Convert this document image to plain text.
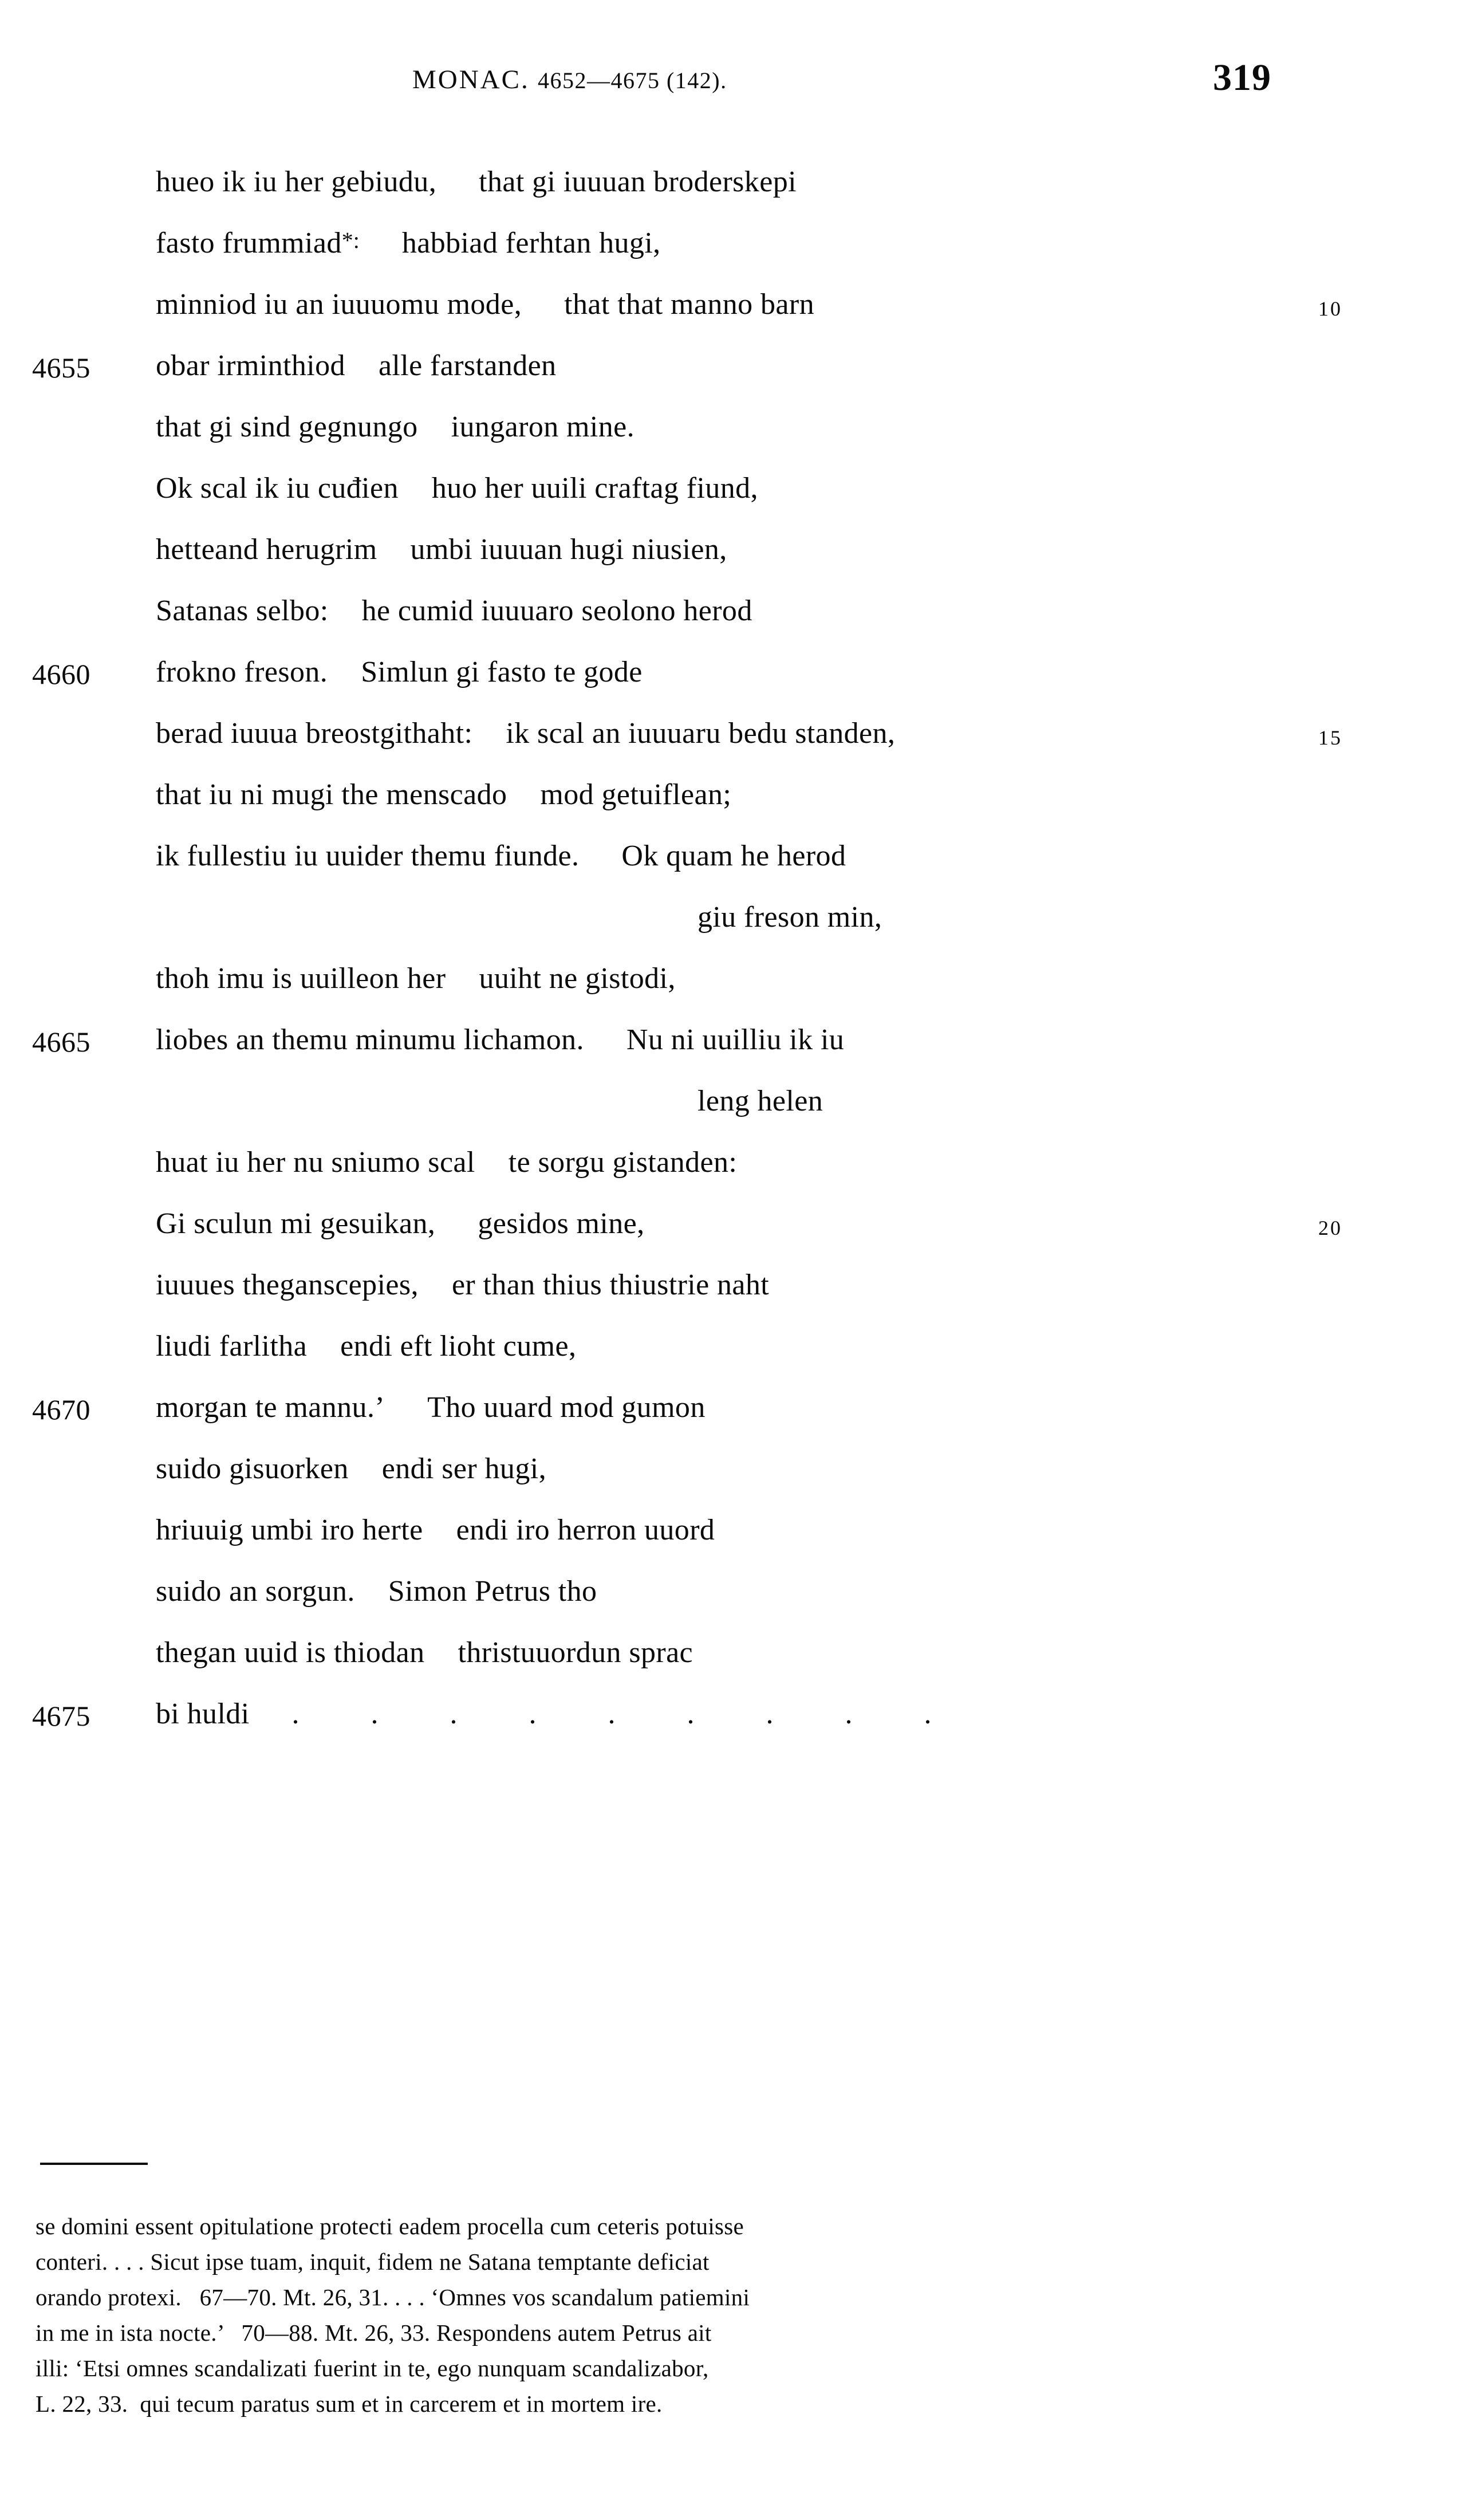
MONAC. 4652—4675 (142).	319
hueo ik iu her gebiudu, that gi iuuuan broderskepi
fasto frummiad*: habbiad ferhtan hugi,
minniod iu an iuuuomu mode, that that manno barn	10
4655	obar irminthiod alle farstanden
that gi sind gegnungo iungaron mine.
Ok scal ik iu cuđien huo her uuili craftag fiund,
hetteand herugrim umbi iuuuan hugi niusien,
Satanas selbo: he cumid iuuuaro seolono herod
4660	frokno freson. Simlun gi fasto te gode
berad iuuua breostgithaht: ik scal an iuuuaru bedu standen,	15
that iu ni mugi the menscado mod getuiflean;
ik fullestiu iu uuider themu fiunde. Ok quam he herod
giu freson min,
thoh imu is uuilleon her uuiht ne gistodi,
4665	liobes an themu minumu lichamon. Nu ni uuilliu ik iu
leng helen
huat iu her nu sniumo scal te sorgu gistanden:
Gi sculun mi gesuikan, gesidos mine,	20
iuuues theganscepies, er than thius thiustrie naht
liudi farlitha endi eft lioht cume,
4670	morgan te mannu.’ Tho uuard mod gumon
suido gisuorken endi ser hugi,
hriuuig umbi iro herte endi iro herron uuord
suido an sorgun. Simon Petrus tho
thegan uuid is thiodan thristuuordun sprac
4675	bi huldi . . . . . . . . .
se domini essent opitulatione protecti eadem procella cum ceteris potuisse
conteri. . . . Sicut ipse tuam, inquit, fidem ne Satana temptante deficiat
orando protexi.   67—70. Mt. 26, 31. . . . ‘Omnes vos scandalum patiemini
in me in ista nocte.’   70—88. Mt. 26, 33. Respondens autem Petrus ait
illi: ‘Etsi omnes scandalizati fuerint in te, ego nunquam scandalizabor,
L. 22, 33.  qui tecum paratus sum et in carcerem et in mortem ire.
